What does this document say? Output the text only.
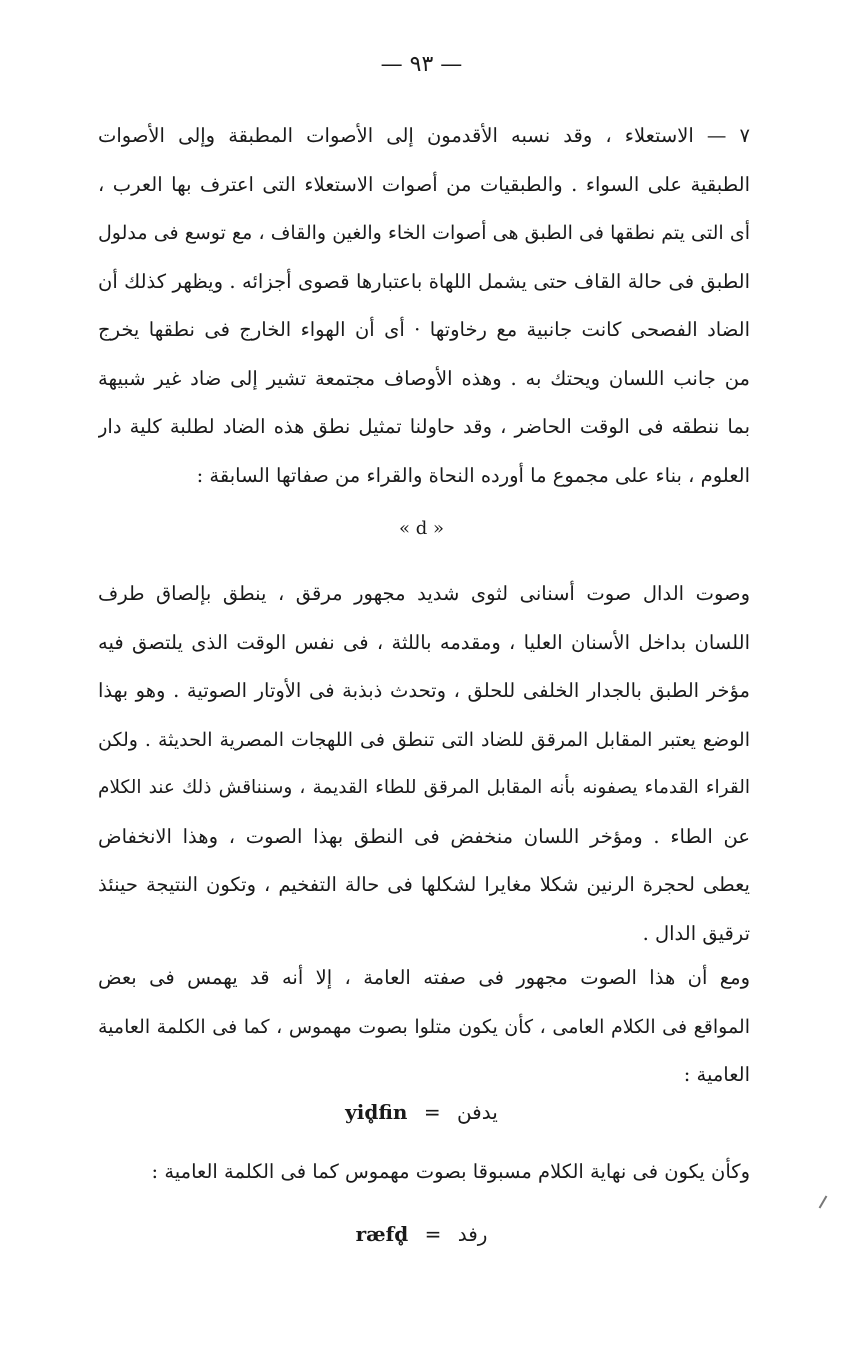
— ٩٣ —
٧ — الاستعلاء ، وقد نسبه الأقدمون إلى الأصوات المطبقة وإلى الأصوات
الطبقية على السواء . والطبقيات من أصوات الاستعلاء التى اعترف بها العرب ،
أى التى يتم نطقها فى الطبق هى أصوات الخاء والغين والقاف ، مع توسع فى مدلول
الطبق فى حالة القاف حتى يشمل اللهاة باعتبارها قصوى أجزائه . ويظهر كذلك أن
الضاد الفصحى كانت جانبية مع رخاوتها · أى أن الهواء الخارج فى نطقها يخرج
من جانب اللسان ويحتك به . وهذه الأوصاف مجتمعة تشير إلى ضاد غير شبيهة
بما ننطقه فى الوقت الحاضر ، وقد حاولنا تمثيل نطق هذه الضاد لطلبة كلية دار
العلوم ، بناء على مجموع ما أورده النحاة والقراء من صفاتها السابقة :
« d »
وصوت الدال صوت أسنانى لثوى شديد مجهور مرقق ، ينطق بإلصاق طرف
اللسان بداخل الأسنان العليا ، ومقدمه باللثة ، فى نفس الوقت الذى يلتصق فيه
مؤخر الطبق بالجدار الخلفى للحلق ، وتحدث ذبذبة فى الأوتار الصوتية . وهو بهذا
الوضع يعتبر المقابل المرقق للضاد التى تنطق فى اللهجات المصرية الحديثة . ولكن
القراء القدماء يصفونه بأنه المقابل المرقق للطاء القديمة ، وسنناقش ذلك عند الكلام
عن الطاء . ومؤخر اللسان منخفض فى النطق بهذا الصوت ، وهذا الانخفاض
يعطى لحجرة الرنين شكلا مغايرا لشكلها فى حالة التفخيم ، وتكون النتيجة حينئذ
ترقيق الدال .
ومع أن هذا الصوت مجهور فى صفته العامة ، إلا أنه قد يهمس فى بعض
المواقع فى الكلام العامى ، كأن يكون متلوا بصوت مهموس ، كما فى الكلمة العامية
العامية :
yid̥fin = يدفن
وكأن يكون فى نهاية الكلام مسبوقا بصوت مهموس كما فى الكلمة العامية :
ræfd̥ = رفد
